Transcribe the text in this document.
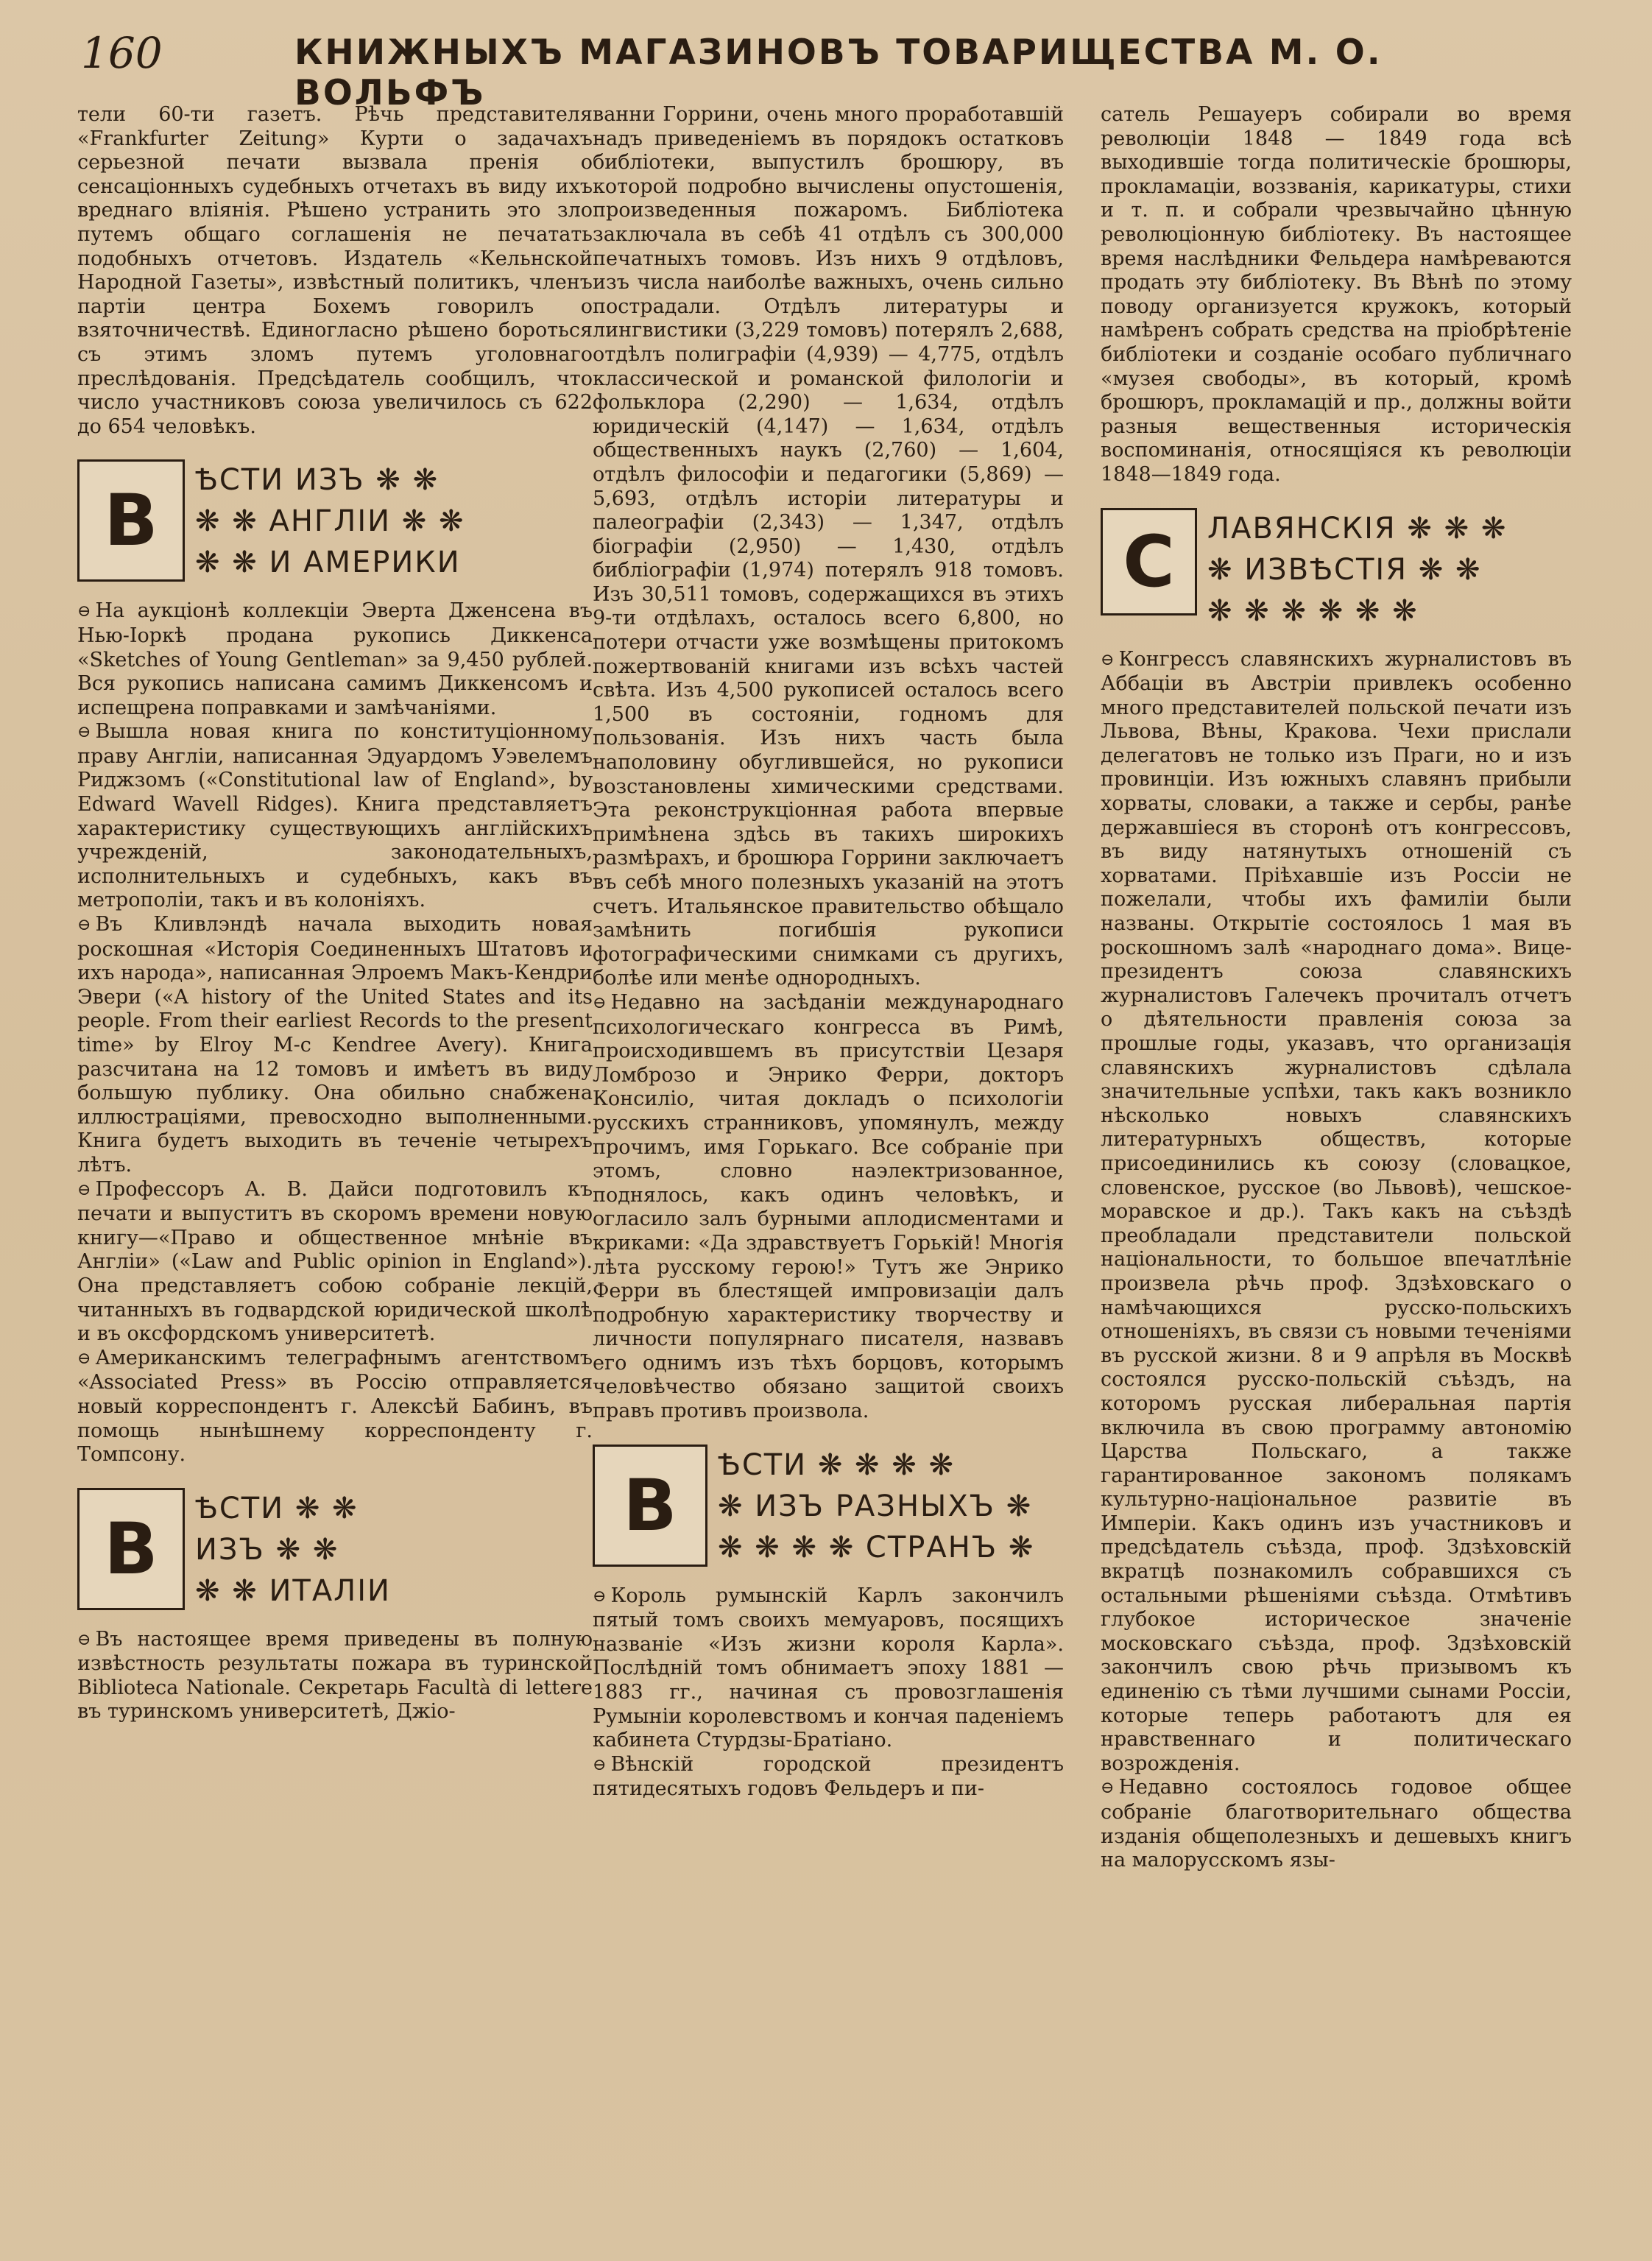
160	КНИЖНЫХЪ МАГАЗИНОВЪ ТОВАРИЩЕСТВА М. О. ВОЛЬФЪ

тели 60-ти газетъ. Рѣчь представителя «Frankfurter Zeitung» Курти о задачахъ серьезной печати вызвала пренія о сенсаціонныхъ судебныхъ отчетахъ въ виду ихъ вреднаго вліянія. Рѣшено устранить это зло путемъ общаго соглашенія не печатать подобныхъ отчетовъ. Издатель «Кельнской Народной Газеты», извѣстный политикъ, членъ партіи центра Бохемъ говорилъ о взяточничествѣ. Единогласно рѣшено бороться съ этимъ зломъ путемъ уголовнаго преслѣдованія. Предсѣдатель сообщилъ, что число участниковъ союза увеличилось съ 622 до 654 человѣкъ.

В ѢСТИ ИЗЪ ❋ ❋
❋ ❋ АНГЛІИ ❋ ❋
❋ ❋ И АМЕРИКИ

⊖ На аукціонѣ коллекціи Эверта Дженсена въ Нью-Іоркѣ продана рукопись Диккенса «Sketches of Young Gentleman» за 9,450 рублей. Вся рукопись написана самимъ Диккенсомъ и испещрена поправками и замѣчаніями.

⊖ Вышла новая книга по конституціонному праву Англіи, написанная Эдуардомъ Уэвелемъ Риджзомъ («Constitutional law of England», by Edward Wavell Ridges). Книга представляетъ характеристику существующихъ англійскихъ учрежденій, законодательныхъ, исполнительныхъ и судебныхъ, какъ въ метрополіи, такъ и въ колоніяхъ.

⊖ Въ Кливлэндѣ начала выходить новая роскошная «Исторія Соединенныхъ Штатовъ и ихъ народа», написанная Элроемъ Макъ-Кендри Эвери («A history of the United States and its people. From their earliest Records to the present time» by Elroy M-c Kendree Avery). Книга разсчитана на 12 томовъ и имѣетъ въ виду большую публику. Она обильно снабжена иллюстраціями, превосходно выполненными. Книга будетъ выходить въ теченіе четырехъ лѣтъ.

⊖ Профессоръ А. В. Дайси подготовилъ къ печати и выпуститъ въ скоромъ времени новую книгу—«Право и общественное мнѣніе въ Англіи» («Law and Public opinion in England»). Она представляетъ собою собраніе лекцій, читанныхъ въ годвардской юридической школѣ и въ оксфордскомъ университетѣ.

⊖ Американскимъ телеграфнымъ агентствомъ «Associated Press» въ Россію отправляется новый корреспондентъ г. Алексѣй Бабинъ, въ помощь нынѣшнему корреспонденту г. Томпсону.

В ѢСТИ ❋ ❋
ИЗЪ ❋ ❋
❋ ❋ ИТАЛІИ

⊖ Въ настоящее время приведены въ полную извѣстность результаты пожара въ туринской Biblioteca Nationale. Секретарь Facultà di lettere въ туринскомъ университетѣ, Джіо-

ванни Горрини, очень много проработавшій надъ приведеніемъ въ порядокъ остатковъ библіотеки, выпустилъ брошюру, въ которой подробно вычислены опустошенія, произведенныя пожаромъ. Библіотека заключала въ себѣ 41 отдѣлъ съ 300,000 печатныхъ томовъ. Изъ нихъ 9 отдѣловъ, изъ числа наиболѣе важныхъ, очень сильно пострадали. Отдѣлъ литературы и лингвистики (3,229 томовъ) потерялъ 2,688, отдѣлъ полиграфіи (4,939) — 4,775, отдѣлъ классической и романской филологіи и фольклора (2,290) — 1,634, отдѣлъ юридическій (4,147) — 1,634, отдѣлъ общественныхъ наукъ (2,760) — 1,604, отдѣлъ философіи и педагогики (5,869) — 5,693, отдѣлъ исторіи литературы и палеографіи (2,343) — 1,347, отдѣлъ біографіи (2,950) — 1,430, отдѣлъ библіографіи (1,974) потерялъ 918 томовъ. Изъ 30,511 томовъ, содержащихся въ этихъ 9-ти отдѣлахъ, осталось всего 6,800, но потери отчасти уже возмѣщены притокомъ пожертвованій книгами изъ всѣхъ частей свѣта. Изъ 4,500 рукописей осталось всего 1,500 въ состояніи, годномъ для пользованія. Изъ нихъ часть была наполовину обуглившейся, но рукописи возстановлены химическими средствами. Эта реконструкціонная работа впервые примѣнена здѣсь въ такихъ широкихъ размѣрахъ, и брошюра Горрини заключаетъ въ себѣ много полезныхъ указаній на этотъ счетъ. Итальянское правительство обѣщало замѣнить погибшія рукописи фотографическими снимками съ другихъ, болѣе или менѣе однородныхъ.

⊖ Недавно на засѣданіи международнаго психологическаго конгресса въ Римѣ, происходившемъ въ присутствіи Цезаря Ломброзо и Энрико Ферри, докторъ Консиліо, читая докладъ о психологіи русскихъ странниковъ, упомянулъ, между прочимъ, имя Горькаго. Все собраніе при этомъ, словно наэлектризованное, поднялось, какъ одинъ человѣкъ, и огласило залъ бурными аплодисментами и криками: «Да здравствуетъ Горькій! Многія лѣта русскому герою!» Тутъ же Энрико Ферри въ блестящей импровизаціи далъ подробную характеристику творчеству и личности популярнаго писателя, назвавъ его однимъ изъ тѣхъ борцовъ, которымъ человѣчество обязано защитой своихъ правъ противъ произвола.

В ѢСТИ ❋ ❋ ❋ ❋
❋ ИЗЪ РАЗНЫХЪ ❋
❋ ❋ ❋ ❋ СТРАНЪ ❋

⊖ Король румынскій Карлъ закончилъ пятый томъ своихъ мемуаровъ, посящихъ названіе «Изъ жизни короля Карла». Послѣдній томъ обнимаетъ эпоху 1881 — 1883 гг., начиная съ провозглашенія Румыніи королевствомъ и кончая паденіемъ кабинета Стурдзы-Братіано.

⊖ Вѣнскій городской президентъ пятидесятыхъ годовъ Фельдеръ и пи-

сатель Решауеръ собирали во время революціи 1848 — 1849 года всѣ выходившіе тогда политическіе брошюры, прокламаціи, воззванія, карикатуры, стихи и т. п. и собрали чрезвычайно цѣнную революціонную библіотеку. Въ настоящее время наслѣдники Фельдера намѣреваются продать эту библіотеку. Въ Вѣнѣ по этому поводу организуется кружокъ, который намѣренъ собрать средства на пріобрѣтеніе библіотеки и созданіе особаго публичнаго «музея свободы», въ который, кромѣ брошюръ, прокламацій и пр., должны войти разныя вещественныя историческія воспоминанія, относящіяся къ революціи 1848—1849 года.

С ЛАВЯНСКІЯ ❋ ❋ ❋
❋ ИЗВѢСТІЯ ❋ ❋
❋ ❋ ❋ ❋ ❋ ❋

⊖ Конгрессъ славянскихъ журналистовъ въ Аббаціи въ Австріи привлекъ особенно много представителей польской печати изъ Львова, Вѣны, Кракова. Чехи прислали делегатовъ не только изъ Праги, но и изъ провинціи. Изъ южныхъ славянъ прибыли хорваты, словаки, а также и сербы, ранѣе державшіеся въ сторонѣ отъ конгрессовъ, въ виду натянутыхъ отношеній съ хорватами. Пріѣхавшіе изъ Россіи не пожелали, чтобы ихъ фамиліи были названы. Открытіе состоялось 1 мая въ роскошномъ залѣ «народнаго дома». Вице-президентъ союза славянскихъ журналистовъ Галечекъ прочиталъ отчетъ о дѣятельности правленія союза за прошлые годы, указавъ, что организація славянскихъ журналистовъ сдѣлала значительные успѣхи, такъ какъ возникло нѣсколько новыхъ славянскихъ литературныхъ обществъ, которые присоединились къ союзу (словацкое, словенское, русское (во Львовѣ), чешское-моравское и др.). Такъ какъ на съѣздѣ преобладали представители польской національности, то большое впечатлѣніе произвела рѣчь проф. Здзѣховскаго о намѣчающихся русско-польскихъ отношеніяхъ, въ связи съ новыми теченіями въ русской жизни. 8 и 9 апрѣля въ Москвѣ состоялся русско-польскій съѣздъ, на которомъ русская либеральная партія включила въ свою программу автономію Царства Польскаго, а также гарантированное закономъ полякамъ культурно-національное развитіе въ Имперіи. Какъ одинъ изъ участниковъ и предсѣдатель съѣзда, проф. Здзѣховскій вкратцѣ познакомилъ собравшихся съ остальными рѣшеніями съѣзда. Отмѣтивъ глубокое историческое значеніе московскаго съѣзда, проф. Здзѣховскій закончилъ свою рѣчь призывомъ къ единенію съ тѣми лучшими сынами Россіи, которые теперь работаютъ для ея нравственнаго и политическаго возрожденія.

⊖ Недавно состоялось годовое общее собраніе благотворительнаго общества изданія общеполезныхъ и дешевыхъ книгъ на малорусскомъ язы-
